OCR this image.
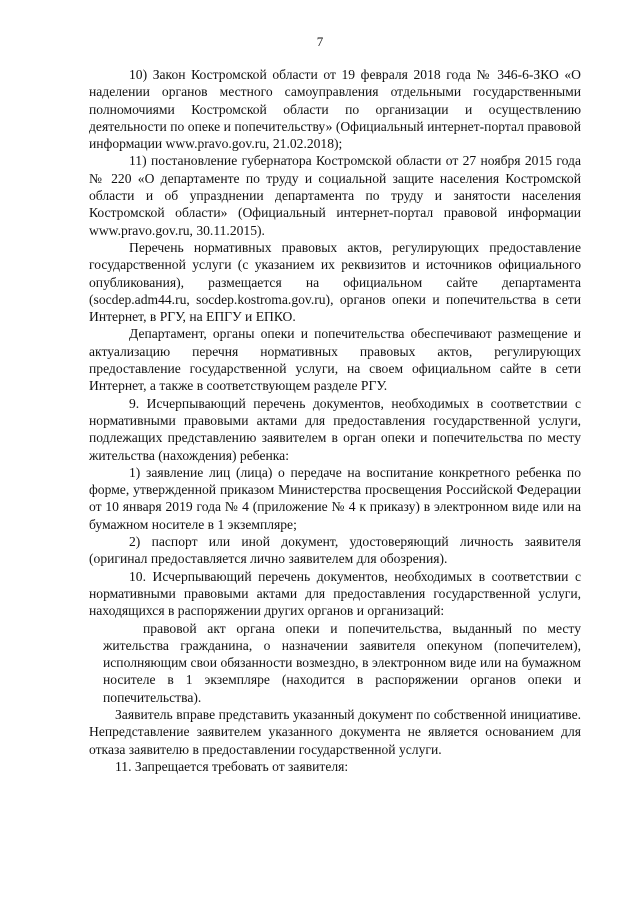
7

10) Закон Костромской области от 19 февраля 2018 года № 346-6-ЗКО «О наделении органов местного самоуправления отдельными государственными полномочиями Костромской области по организации и осуществлению деятельности по опеке и попечительству» (Официальный интернет-портал правовой информации www.pravo.gov.ru, 21.02.2018);

11) постановление губернатора Костромской области от 27 ноября 2015 года № 220 «О департаменте по труду и социальной защите населения Костромской области и об упразднении департамента по труду и занятости населения Костромской области» (Официальный интернет-портал правовой информации www.pravo.gov.ru, 30.11.2015).

Перечень нормативных правовых актов, регулирующих предоставление государственной услуги (с указанием их реквизитов и источников официального опубликования), размещается на официальном сайте департамента (socdep.adm44.ru, socdep.kostroma.gov.ru), органов опеки и попечительства в сети Интернет, в РГУ, на ЕПГУ и ЕПКО.

Департамент, органы опеки и попечительства обеспечивают размещение и актуализацию перечня нормативных правовых актов, регулирующих предоставление государственной услуги, на своем официальном сайте в сети Интернет, а также в соответствующем разделе РГУ.

9. Исчерпывающий перечень документов, необходимых в соответствии с нормативными правовыми актами для предоставления государственной услуги, подлежащих представлению заявителем в орган опеки и попечительства по месту жительства (нахождения) ребенка:

1) заявление лиц (лица) о передаче на воспитание конкретного ребенка по форме, утвержденной приказом Министерства просвещения Российской Федерации от 10 января 2019 года № 4 (приложение № 4 к приказу) в электронном виде или на бумажном носителе в 1 экземпляре;

2) паспорт или иной документ, удостоверяющий личность заявителя (оригинал предоставляется лично заявителем для обозрения).

10. Исчерпывающий перечень документов, необходимых в соответствии с нормативными правовыми актами для предоставления государственной услуги, находящихся в распоряжении других органов и организаций:

правовой акт органа опеки и попечительства, выданный по месту жительства гражданина, о назначении заявителя опекуном (попечителем), исполняющим свои обязанности возмездно, в электронном виде или на бумажном носителе в 1 экземпляре (находится в распоряжении органов опеки и попечительства).

Заявитель вправе представить указанный документ по собственной инициативе. Непредставление заявителем указанного документа не является основанием для отказа заявителю в предоставлении государственной услуги.

11. Запрещается требовать от заявителя:
